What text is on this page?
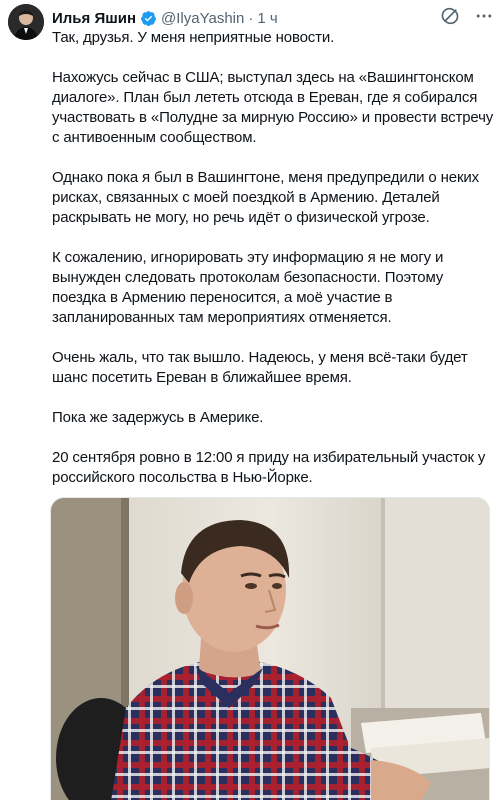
Илья Яшин @IlyaYashin · 1 ч

Так, друзья. У меня неприятные новости.

Нахожусь сейчас в США; выступал здесь на «Вашингтонском диалоге». План был лететь отсюда в Ереван, где я собирался участвовать в «Полудне за мирную Россию» и провести встречу с антивоенным сообществом.

Однако пока я был в Вашингтоне, меня предупредили о неких рисках, связанных с моей поездкой в Армению. Деталей раскрывать не могу, но речь идёт о физической угрозе.

К сожалению, игнорировать эту информацию я не могу и вынужден следовать протоколам безопасности. Поэтому поездка в Армению переносится, а моё участие в запланированных там мероприятиях отменяется.

Очень жаль, что так вышло. Надеюсь, у меня всё-таки будет шанс посетить Ереван в ближайшее время.

Пока же задержусь в Америке.

20 сентября ровно в 12:00 я приду на избирательный участок у российского посольства в Нью-Йорке.
